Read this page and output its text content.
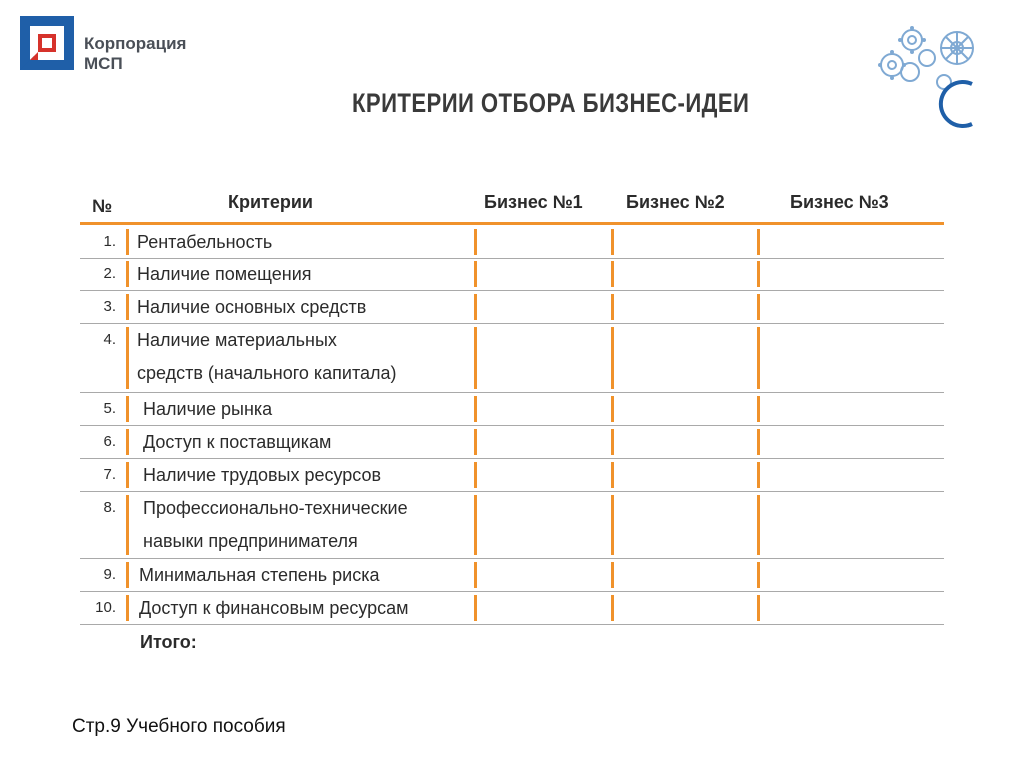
Корпорация
МСП
КРИТЕРИИ ОТБОРА БИЗНЕС-ИДЕИ
№	Критерии	Бизнес №1 Бизнес №2	Бизнес №3
1. Рентабельность
2. Наличие помещения
3. Наличие основных средств
4. Наличие материальных
средств (начального капитала)
5. Наличие рынка
6. Доступ к поставщикам
7. Наличие трудовых ресурсов
8. Профессионально-технические
навыки предпринимателя
9. Минимальная степень риска
10. Доступ к финансовым ресурсам
Итого:
Стр.9 Учебного пособия
